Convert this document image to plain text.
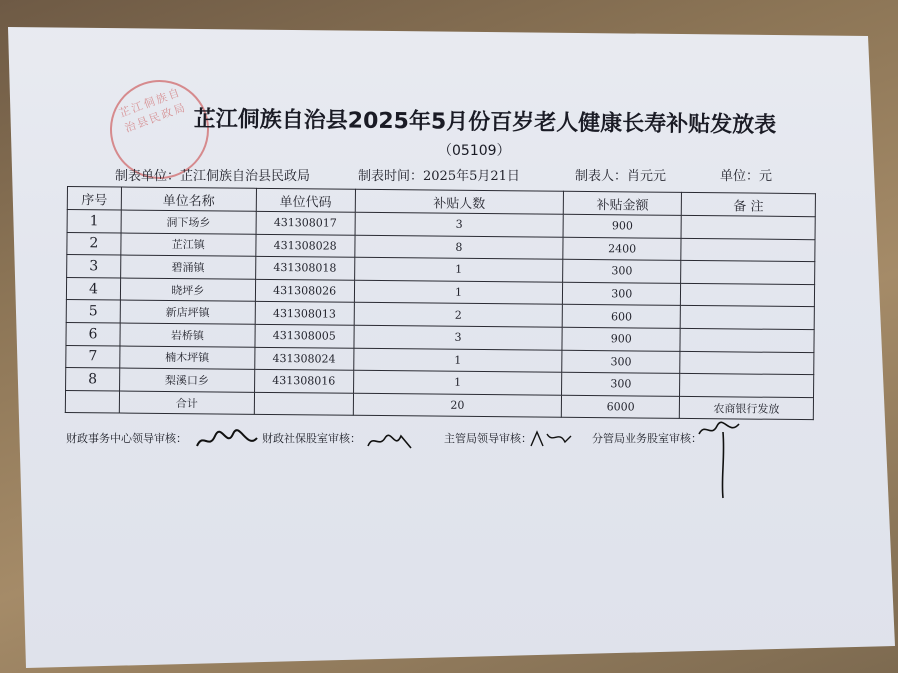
芷江侗族自治县民政局 芷江侗族自治县2025年5月份百岁老人健康长寿补贴发放表
（05109）
制表单位：芷江侗族自治县民政局	制表时间：2025年5月21日	制表人：肖元元	单位：元
序号	单位名称	单位代码	补贴人数	补贴金额	备 注
1	洞下场乡	431308017	3	900	
2	芷江镇	431308028	8	2400	
3	碧涌镇	431308018	1	300	
4	晓坪乡	431308026	1	300	
5	新店坪镇	431308013	2	600	
6	岩桥镇	431308005	3	900	
7	楠木坪镇	431308024	1	300	
8	梨溪口乡	431308016	1	300	
	合计		20	6000	农商银行发放
财政事务中心领导审核：	财政社保股室审核：	主管局领导审核：	分管局业务股室审核：
